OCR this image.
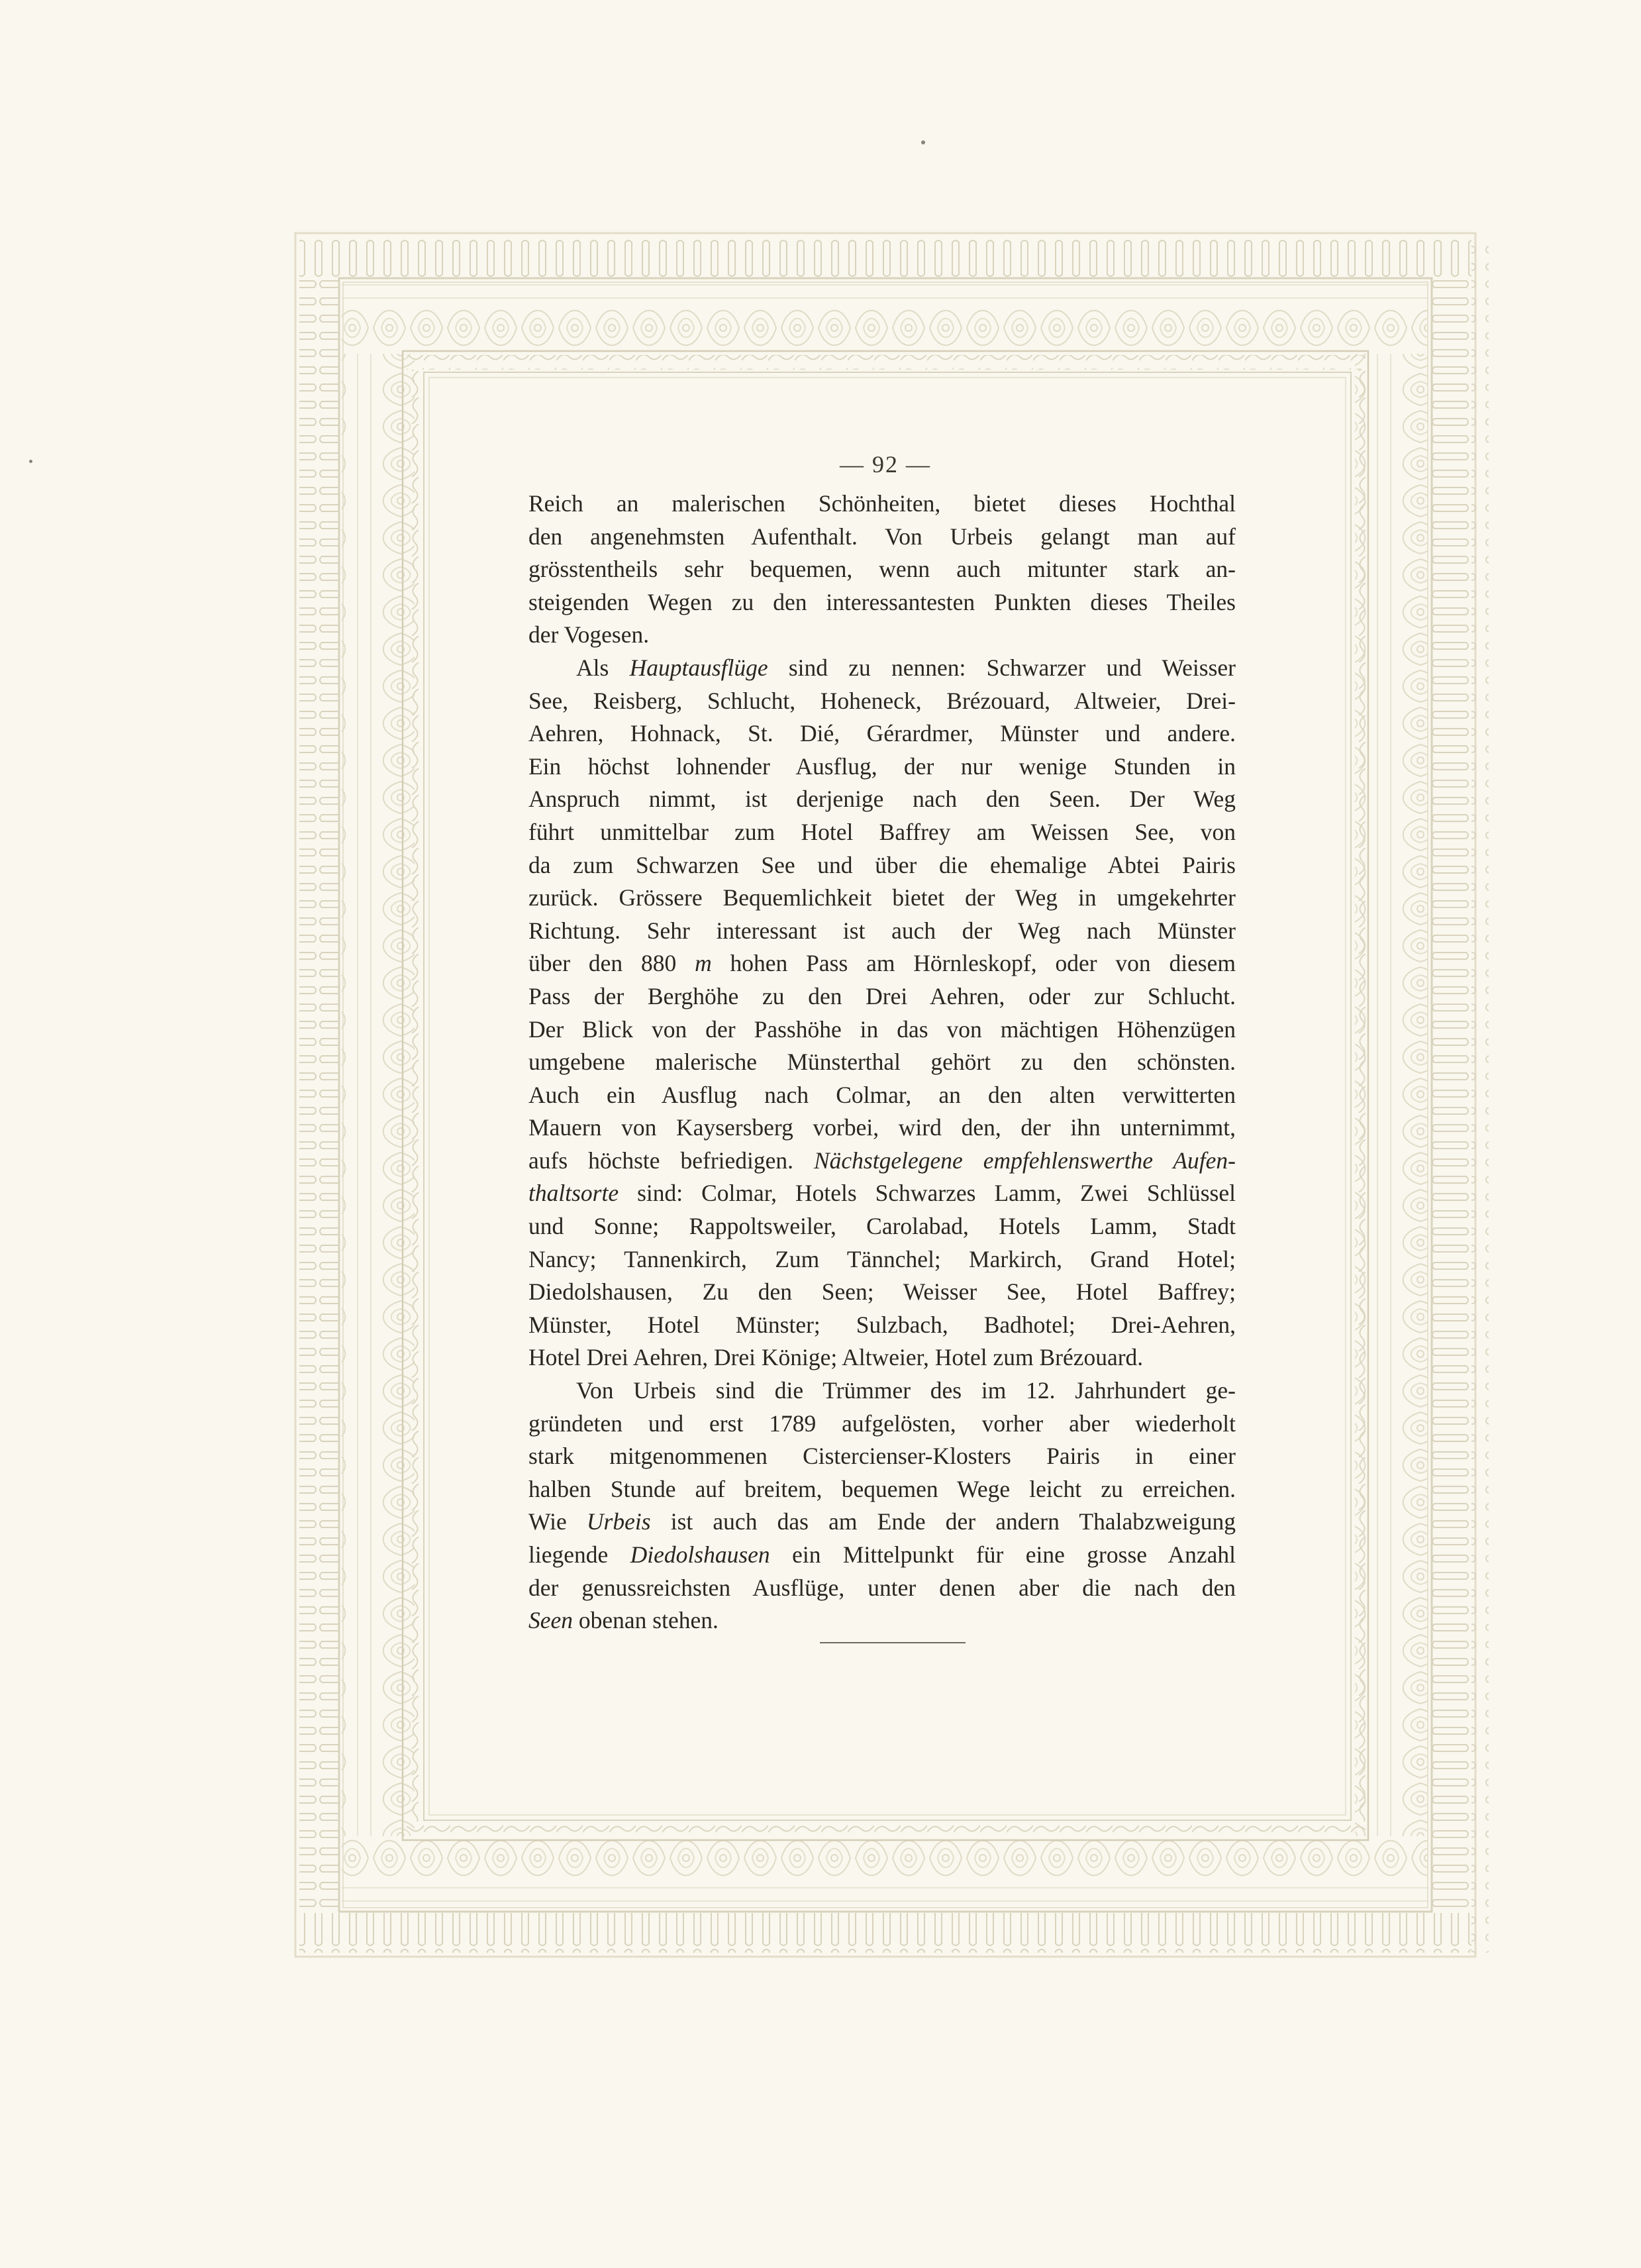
— 92 —
Reich an malerischen Schönheiten, bietet dieses Hochthal
den angenehmsten Aufenthalt. Von Urbeis gelangt man auf
grösstentheils sehr bequemen, wenn auch mitunter stark an-
steigenden Wegen zu den interessantesten Punkten dieses Theiles
der Vogesen.
Als Hauptausflüge sind zu nennen: Schwarzer und Weisser
See, Reisberg, Schlucht, Hoheneck, Brézouard, Altweier, Drei-
Aehren, Hohnack, St. Dié, Gérardmer, Münster und andere.
Ein höchst lohnender Ausflug, der nur wenige Stunden in
Anspruch nimmt, ist derjenige nach den Seen. Der Weg
führt unmittelbar zum Hotel Baffrey am Weissen See, von
da zum Schwarzen See und über die ehemalige Abtei Pairis
zurück. Grössere Bequemlichkeit bietet der Weg in umgekehrter
Richtung. Sehr interessant ist auch der Weg nach Münster
über den 880 m hohen Pass am Hörnleskopf, oder von diesem
Pass der Berghöhe zu den Drei Aehren, oder zur Schlucht.
Der Blick von der Passhöhe in das von mächtigen Höhenzügen
umgebene malerische Münsterthal gehört zu den schönsten.
Auch ein Ausflug nach Colmar, an den alten verwitterten
Mauern von Kaysersberg vorbei, wird den, der ihn unternimmt,
aufs höchste befriedigen. Nächstgelegene empfehlenswerthe Aufen-
thaltsorte sind: Colmar, Hotels Schwarzes Lamm, Zwei Schlüssel
und Sonne; Rappoltsweiler, Carolabad, Hotels Lamm, Stadt
Nancy; Tannenkirch, Zum Tännchel; Markirch, Grand Hotel;
Diedolshausen, Zu den Seen; Weisser See, Hotel Baffrey;
Münster, Hotel Münster; Sulzbach, Badhotel; Drei-Aehren,
Hotel Drei Aehren, Drei Könige; Altweier, Hotel zum Brézouard.
Von Urbeis sind die Trümmer des im 12. Jahrhundert ge-
gründeten und erst 1789 aufgelösten, vorher aber wiederholt
stark mitgenommenen Cistercienser-Klosters Pairis in einer
halben Stunde auf breitem, bequemen Wege leicht zu erreichen.
Wie Urbeis ist auch das am Ende der andern Thalabzweigung
liegende Diedolshausen ein Mittelpunkt für eine grosse Anzahl
der genussreichsten Ausflüge, unter denen aber die nach den
Seen obenan stehen.
